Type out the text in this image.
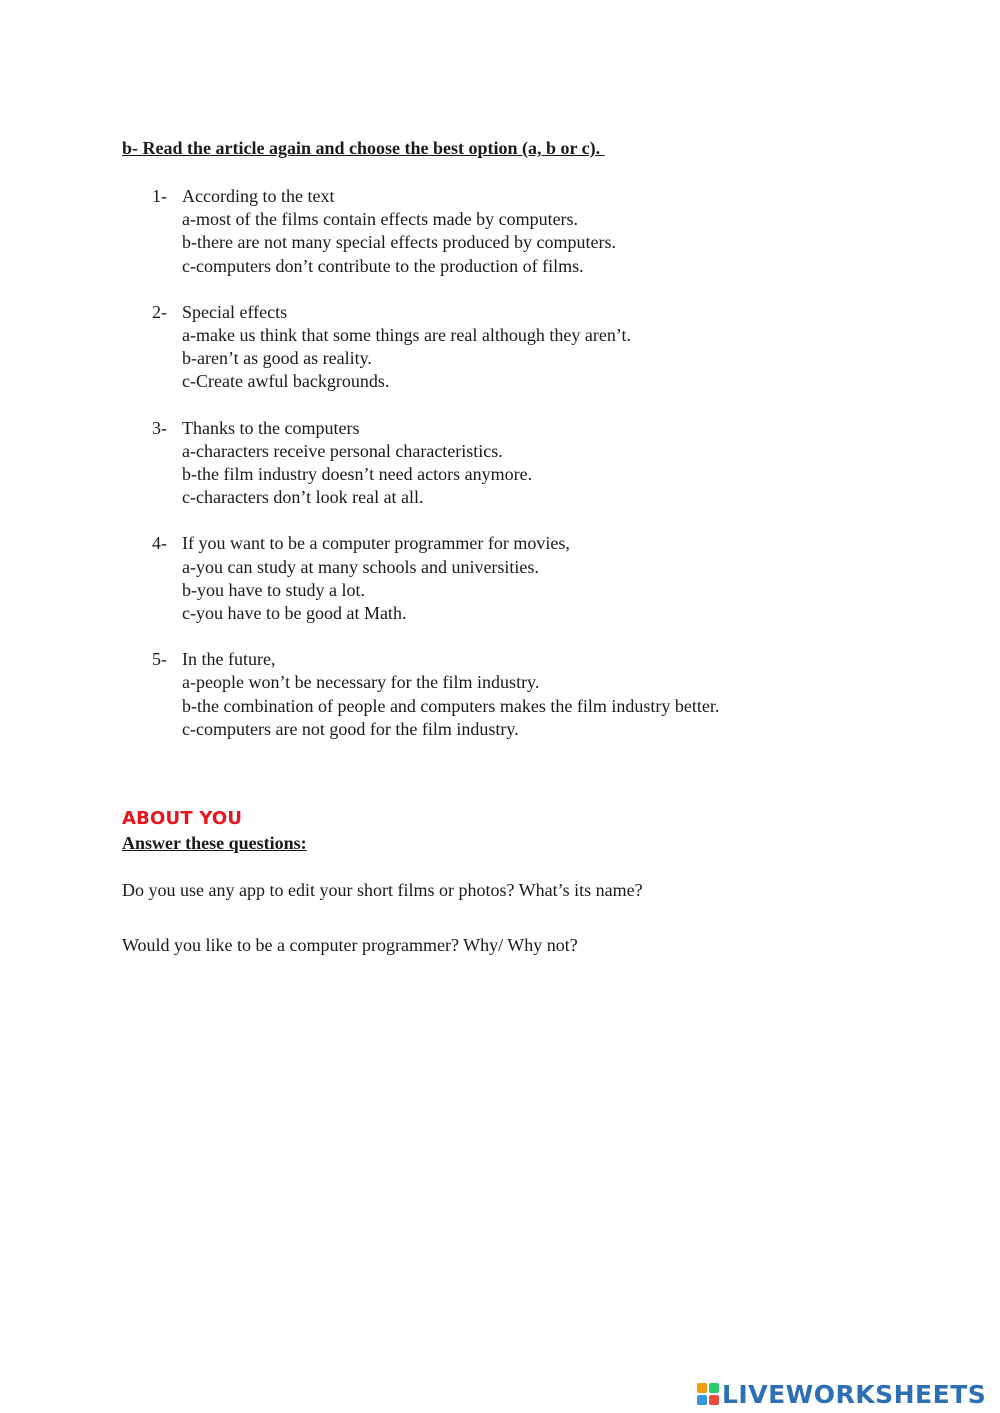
b- Read the article again and choose the best option (a, b or c).
1- According to the text
a-most of the films contain effects made by computers.
b-there are not many special effects produced by computers.
c-computers don’t contribute to the production of films.
2- Special effects
a-make us think that some things are real although they aren’t.
b-aren’t as good as reality.
c-Create awful backgrounds.
3- Thanks to the computers
a-characters receive personal characteristics.
b-the film industry doesn’t need actors anymore.
c-characters don’t look real at all.
4- If you want to be a computer programmer for movies,
a-you can study at many schools and universities.
b-you have to study a lot.
c-you have to be good at Math.
5- In the future,
a-people won’t be necessary for the film industry.
b-the combination of people and computers makes the film industry better.
c-computers are not good for the film industry.
ABOUT YOU
Answer these questions:
Do you use any app to edit your short films or photos? What’s its name?
Would you like to be a computer programmer? Why/ Why not?
LIVEWORKSHEETS
